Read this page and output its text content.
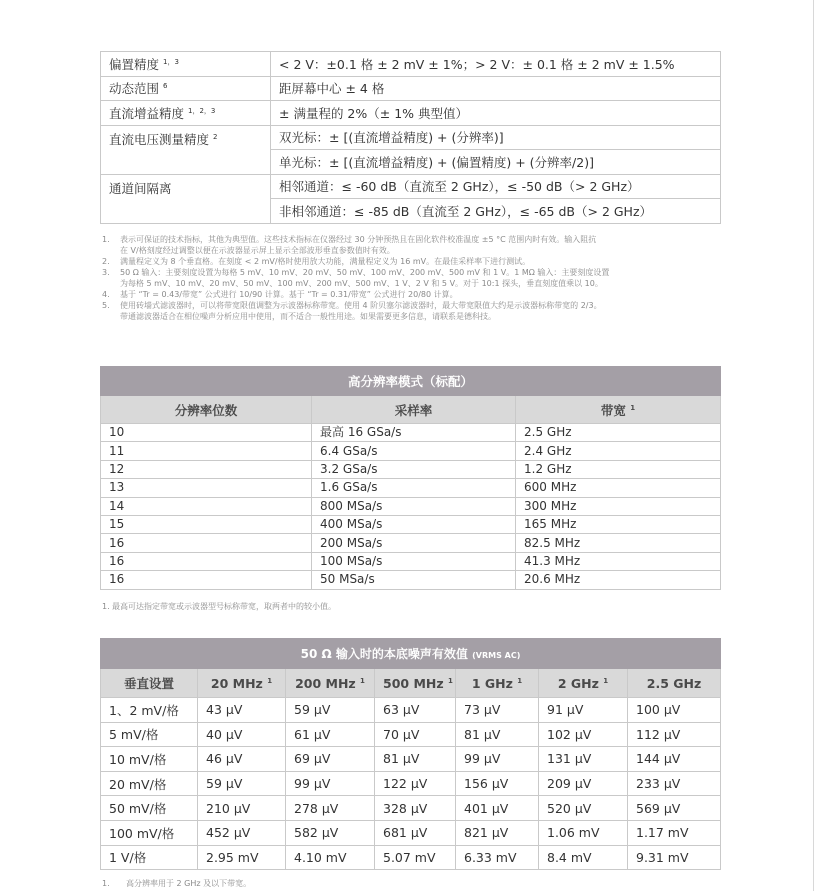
偏置精度 $^{1,3}$	< 2 V：±0.1 格 ± 2 mV ± 1%；> 2 V：± 0.1 格 ± 2 mV ± 1.5%
动态范围 $^6$	距屏幕中心 ± 4 格
直流增益精度 $^{1,2,3}$	± 满量程的 2%（± 1% 典型值）
直流电压测量精度 $^2$	双光标：± [(直流增益精度) + (分辨率)]
	单光标：± [(直流增益精度) + (偏置精度) + (分辨率/2)]
通道间隔离	相邻通道：≤ -60 dB（直流至 2 GHz），≤ -50 dB（> 2 GHz）
	非相邻通道：≤ -85 dB（直流至 2 GHz），≤ -65 dB（> 2 GHz）
1.	表示可保证的技术指标，其他为典型值。这些技术指标在仪器经过 30 分钟预热且在固化软件校准温度 ±5 °C 范围内时有效。输入阻抗
在 V/格刻度经过调整以便在示波器显示屏上显示全部波形垂直参数值时有效。
2.	满量程定义为 8 个垂直格。在刻度 < 2 mV/格时使用放大功能，满量程定义为 16 mV。在最佳采样率下进行测试。
3.	50 Ω 输入：主要刻度设置为每格 5 mV、10 mV、20 mV、50 mV、100 mV、200 mV、500 mV 和 1 V。1 MΩ 输入：主要刻度设置
为每格 5 mV、10 mV、20 mV、50 mV、100 mV、200 mV、500 mV、1 V、2 V 和 5 V。对于 10:1 探头，垂直刻度值乘以 10。
4.	基于 “Tr = 0.43/带宽” 公式进行 10/90 计算。基于 “Tr = 0.31/带宽” 公式进行 20/80 计算。
5.	使用砖墙式滤波器时，可以将带宽限值调整为示波器标称带宽。使用 4 阶贝塞尔滤波器时，最大带宽限值大约是示波器标称带宽的 2/3。
带通滤波器适合在相位噪声分析应用中使用，而不适合一般性用途。如果需要更多信息，请联系是德科技。
高分辨率模式（标配）		
分辨率位数	采样率	带宽 $^1$
10	最高 16 GSa/s	2.5 GHz
11	6.4 GSa/s	2.4 GHz
12	3.2 GSa/s	1.2 GHz
13	1.6 GSa/s	600 MHz
14	800 MSa/s	300 MHz
15	400 MSa/s	165 MHz
16	200 MSa/s	82.5 MHz
16	100 MSa/s	41.3 MHz
16	50 MSa/s	20.6 MHz
1. 最高可达指定带宽或示波器型号标称带宽，取两者中的较小值。
50 Ω 输入时的本底噪声有效值 (VRMS AC)						
垂直设置	20 MHz $^1$	200 MHz $^1$	500 MHz $^1$	1 GHz $^1$	2 GHz $^1$	2.5 GHz
1、2 mV/格	43 µV	59 µV	63 µV	73 µV	91 µV	100 µV
5 mV/格	40 µV	61 µV	70 µV	81 µV	102 µV	112 µV
10 mV/格	46 µV	69 µV	81 µV	99 µV	131 µV	144 µV
20 mV/格	59 µV	99 µV	122 µV	156 µV	209 µV	233 µV
50 mV/格	210 µV	278 µV	328 µV	401 µV	520 µV	569 µV
100 mV/格	452 µV	582 µV	681 µV	821 µV	1.06 mV	1.17 mV
1 V/格	2.95 mV	4.10 mV	5.07 mV	6.33 mV	8.4 mV	9.31 mV
1.	高分辨率用于 2 GHz 及以下带宽。
